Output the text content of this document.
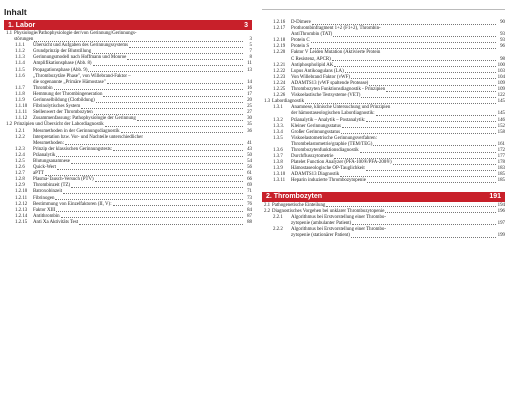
Inhalt
1. Labor	3
1.1 Physiologie/Pathophysiologie der/von Gerinnung/Gerinnungs-
störungen	3
1.1.1	Übersicht und Aufgaben des Gerinnungssystems	5
1.1.2	Grundprinzip der Blutstillung	7
1.1.3	Gerinnungsmodell nach Hoffmann und Monroe	8
1.1.4	Amplifikationsphase (Abb. 8)	11
1.1.5	Propagationsphase (Abb. 9)	13
1.1.6	„Thrombozytäre Phase", von Willebrand-Faktor –
die sogenannte „Primäre Hämostase"	14
1.1.7	Thrombin	16
1.1.8	Hemmung der Thrombingeneration	17
1.1.9	Gerinnselbildung (Clotbildung)	20
1.1.10	Fibrinolytisches System	25
1.1.11	Stellenwert der Thrombozyten	27
1.1.12	Zusammenfassung: Pathophysiologie der Gerinnung	30
1.2 Prinzipien und Übersicht der Labordiagnostik	35
1.2.1	Messmethoden in der Gerinnungsdiagnostik	36
1.2.2	Interpretation bzw. Vor- und Nachteile unterschiedlicher
Messmethoden:	41
1.2.3	Prinzip der klassischen Gerinnungstests:	43
1.2.4	Präanalytik	50
1.2.5	Blutungsanamnese	54
1.2.6	Quick-Wert	56
1.2.7	aPTT	61
1.2.8	Plasma-Tausch-Versuch (PTV)	66
1.2.9	Thrombinzeit (TZ)	69
1.2.10	Batroxobinzeit	71
1.2.11	Fibrinogen	73
1.2.12	Bestimmung von Einzelfaktoren (II, V):	76
1.2.13	Faktor XIII	84
1.2.14	Antithrombin	87
1.2.15	Anti Xa Aktivitäts Test	88
1.2.16	D-Dimere	90
1.2.17	Prothrombinfragment 1+2 (F1+2), Thrombin-
AntiThrombin (TAT)	93
1.2.18	Protein C	93
1.2.19	Protein S	96
1.2.20	Faktor V Leiden Mutation (Aktivierte Protein
C Resistenz, APCR)	98
1.2.21	Antiphospholipid AK	100
1.2.22	Lupus Antikoagulans (LA)	103
1.2.23	Von Willebrand Faktor (vWF)	104
1.2.24	ADAMTS13 (vWF spaltende Protease)	109
1.2.25	Thrombozyten Funktionsdiagnostik - Prinzipien	109
1.2.26	Viskoelastische Testsysteme (VET)	122
1.3 Labordiagnostik	145
1.3.1	Anamnese, klinische Untersuchung und Prinzipien
der hämostaseologischen Labordiagnostik:	145
1.3.2	Präanalytik – Analytik – Postanalytik:	146
1.3.3.	Kleiner Gerinnungsstatus	152
1.3.4	Großer Gerinnungsstatus	158
1.3.5	Viskoelastometrische Gerinnungsverfahren:
Thrombelastometrie/graphie (TEM/TEG)	161
1.3.6	Thrombozytenfunktionsdiagnostik	172
1.3.7	Durchflusszytometrie	177
1.3.8	Platelet Function Analyzer (PFA-100®/PFA-200®)	178
1.3.9	Hämostaseologische OP-Tauglichkeit	183
1.3.10	ADAMTS13 Diagnostik	185
1.3.11	Heparin induzierte Thrombozytopenie	185
2. Thrombozyten	191
2.1 Pathogenetische Einteilung	194
2.2 Diagnostisches Vorgehen bei unklarer Thrombozytopenie	196
2.2.1	Algorithmus bei Erstvorstellung einer Thrombo-
zytopenie (ambulanter Patient)	197
2.2.2	Algorithmus bei Erstvorstellung einer Thrombo-
zytopenie (stationärer Patient)	199
